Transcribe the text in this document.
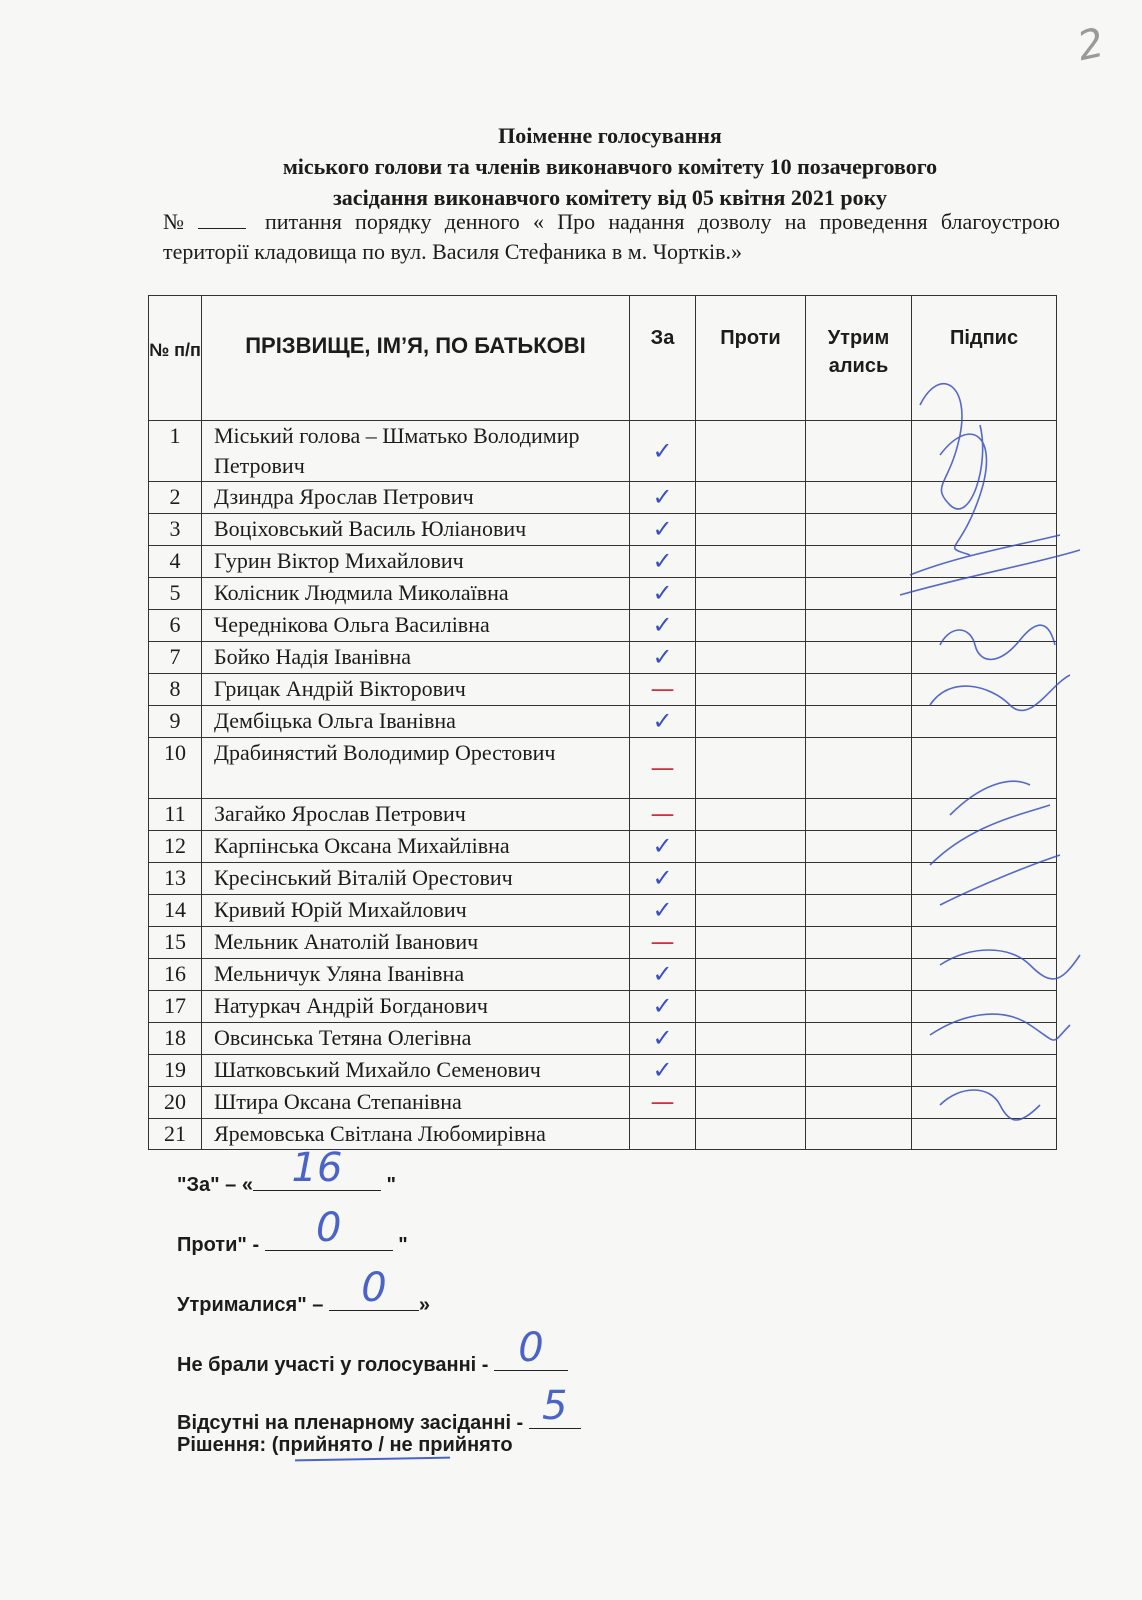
2
Поіменне голосування
міського голови та членів виконавчого комітету 10 позачергового
засідання виконавчого комітету від 05 квітня 2021 року
№	питання порядку денного « Про надання дозволу на проведення благоустрою території кладовища по вул. Василя Стефаника в м. Чортків.»
№ п/п	ПРІЗВИЩЕ, ІМ’Я, ПО БАТЬКОВІ	За	Проти	Утрим ались	Підпис
1	Міський голова – Шматько Володимир Петрович	✓			
2	Дзиндра Ярослав Петрович	✓			
3	Воціховський Василь Юліанович	✓			
4	Гурин Віктор Михайлович	✓			
5	Колісник Людмила Миколаївна	✓			
6	Череднікова Ольга Василівна	✓			
7	Бойко Надія Іванівна	✓			
8	Грицак Андрій Вікторович	—			
9	Дембіцька Ольга Іванівна	✓			
10	Драбинястий Володимир Орестович	—			
11	Загайко Ярослав Петрович	—			
12	Карпінська Оксана Михайлівна	✓			
13	Кресінський Віталій Орестович	✓			
14	Кривий Юрій Михайлович	✓			
15	Мельник Анатолій Іванович	—			
16	Мельничук Уляна Іванівна	✓			
17	Натуркач Андрій Богданович	✓			
18	Овсинська Тетяна Олегівна	✓			
19	Шатковський Михайло Семенович	✓			
20	Штира Оксана Степанівна	—			
21	Яремовська Світлана Любомирівна				
"За" – « 16	"
Проти" -	0	"
Утрималися" – 0	»
Не брали участі у голосуванні - 0
Відсутні на пленарному засіданні - 5
Рішення: (прийнято / не прийнято
